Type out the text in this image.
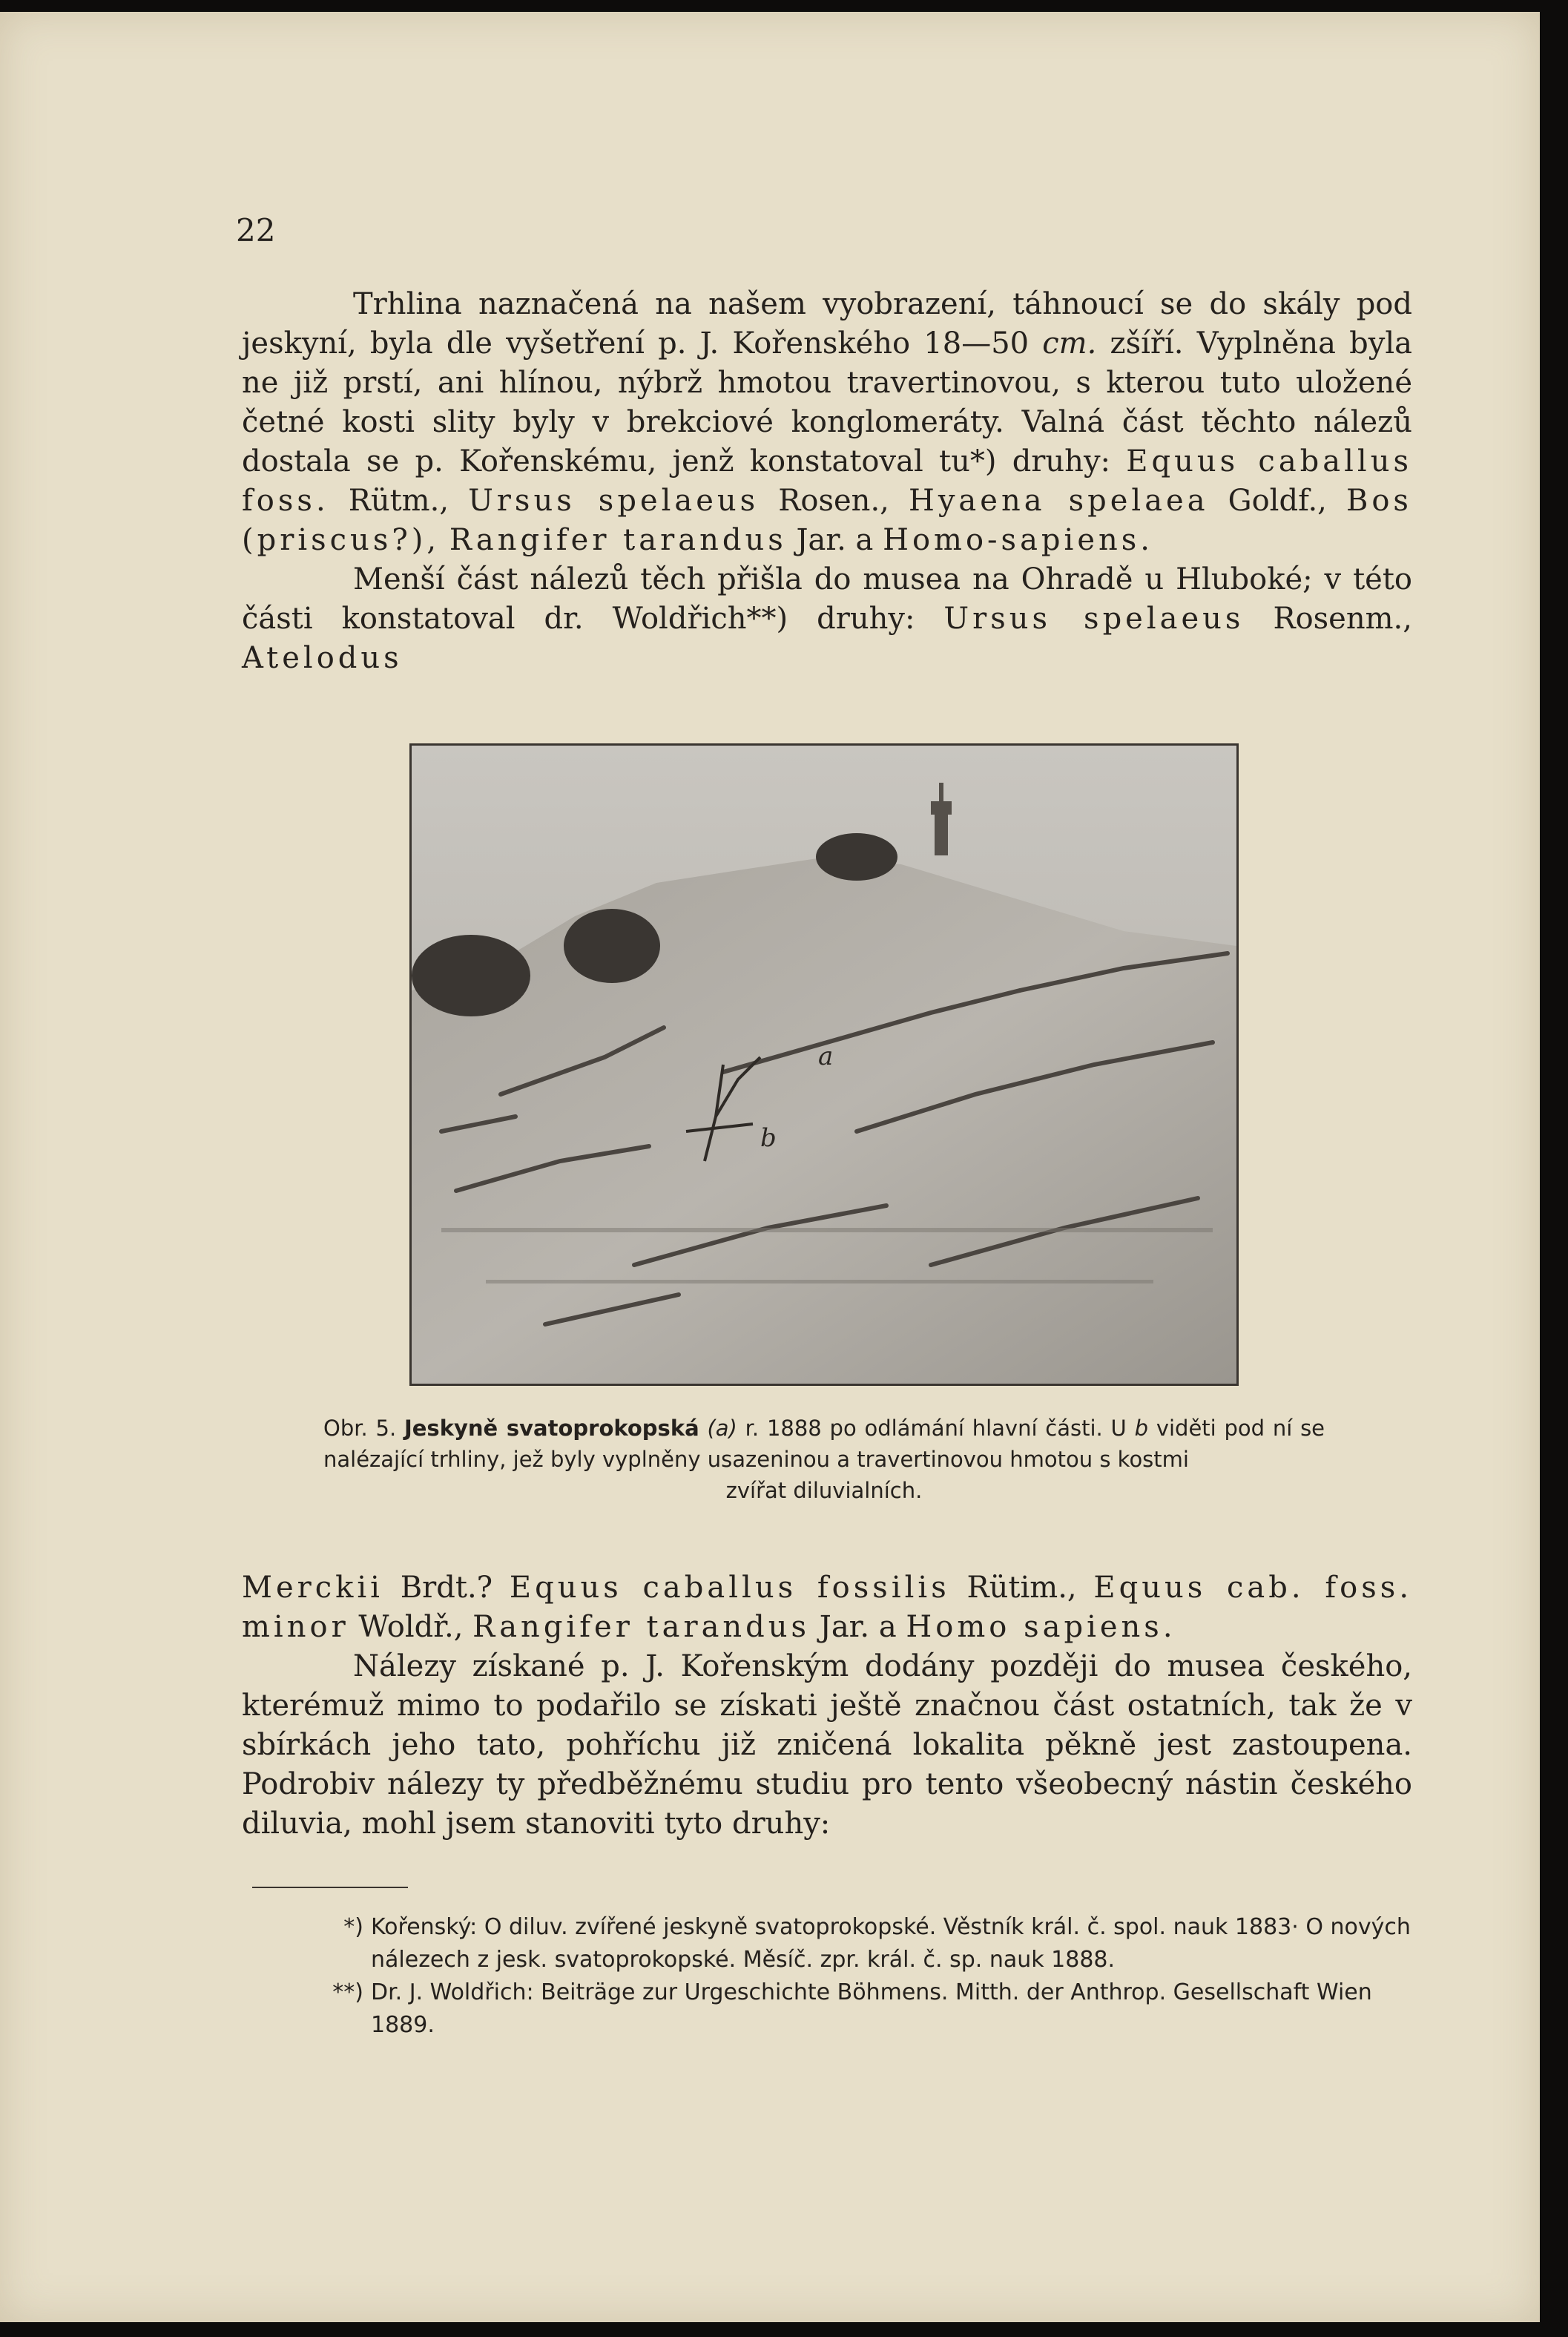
22

Trhlina naznačená na našem vyobrazení, táhnoucí se do skály pod jeskyní, byla dle vyšetření p. J. Kořenského 18—50 cm. zšíří. Vyplněna byla ne již prstí, ani hlínou, nýbrž hmotou travertinovou, s kterou tuto uložené četné kosti slity byly v brekciové konglomeráty. Valná část těchto nálezů dostala se p. Kořenskému, jenž konstatoval tu*) druhy: Equus caballus foss. Rütm., Ursus spelaeus Rosen., Hyaena spelaea Goldf., Bos (priscus?), Rangifer tarandus Jar. a Homo-sapiens.

Menší část nálezů těch přišla do musea na Ohradě u Hluboké; v této části konstatoval dr. Woldřich**) druhy: Ursus spelaeus Rosenm., Atelodus

a
b
Obr. 5. Jeskyně svatoprokopská (a) r. 1888 po odlámání hlavní části. U b viděti pod ní se nalézající trhliny, jež byly vyplněny usazeninou a travertinovou hmotou s kostmi
zvířat diluvialních.

Merckii Brdt.? Equus caballus fossilis Rütim., Equus cab. foss. minor Woldř., Rangifer tarandus Jar. a Homo sapiens.

Nálezy získané p. J. Kořenským dodány později do musea českého, kterémuž mimo to podařilo se získati ještě značnou část ostatních, tak že v sbírkách jeho tato, pohříchu již zničená lokalita pěkně jest zastoupena. Podrobiv nálezy ty předběžnému studiu pro tento všeobecný nástin českého diluvia, mohl jsem stanoviti tyto druhy:

*) Kořenský: O diluv. zvířené jeskyně svatoprokopské. Věstník král. č. spol. nauk 1883· O nových nálezech z jesk. svatoprokopské. Měsíč. zpr. král. č. sp. nauk 1888.

**) Dr. J. Woldřich: Beiträge zur Urgeschichte Böhmens. Mitth. der Anthrop. Gesellschaft Wien 1889.
